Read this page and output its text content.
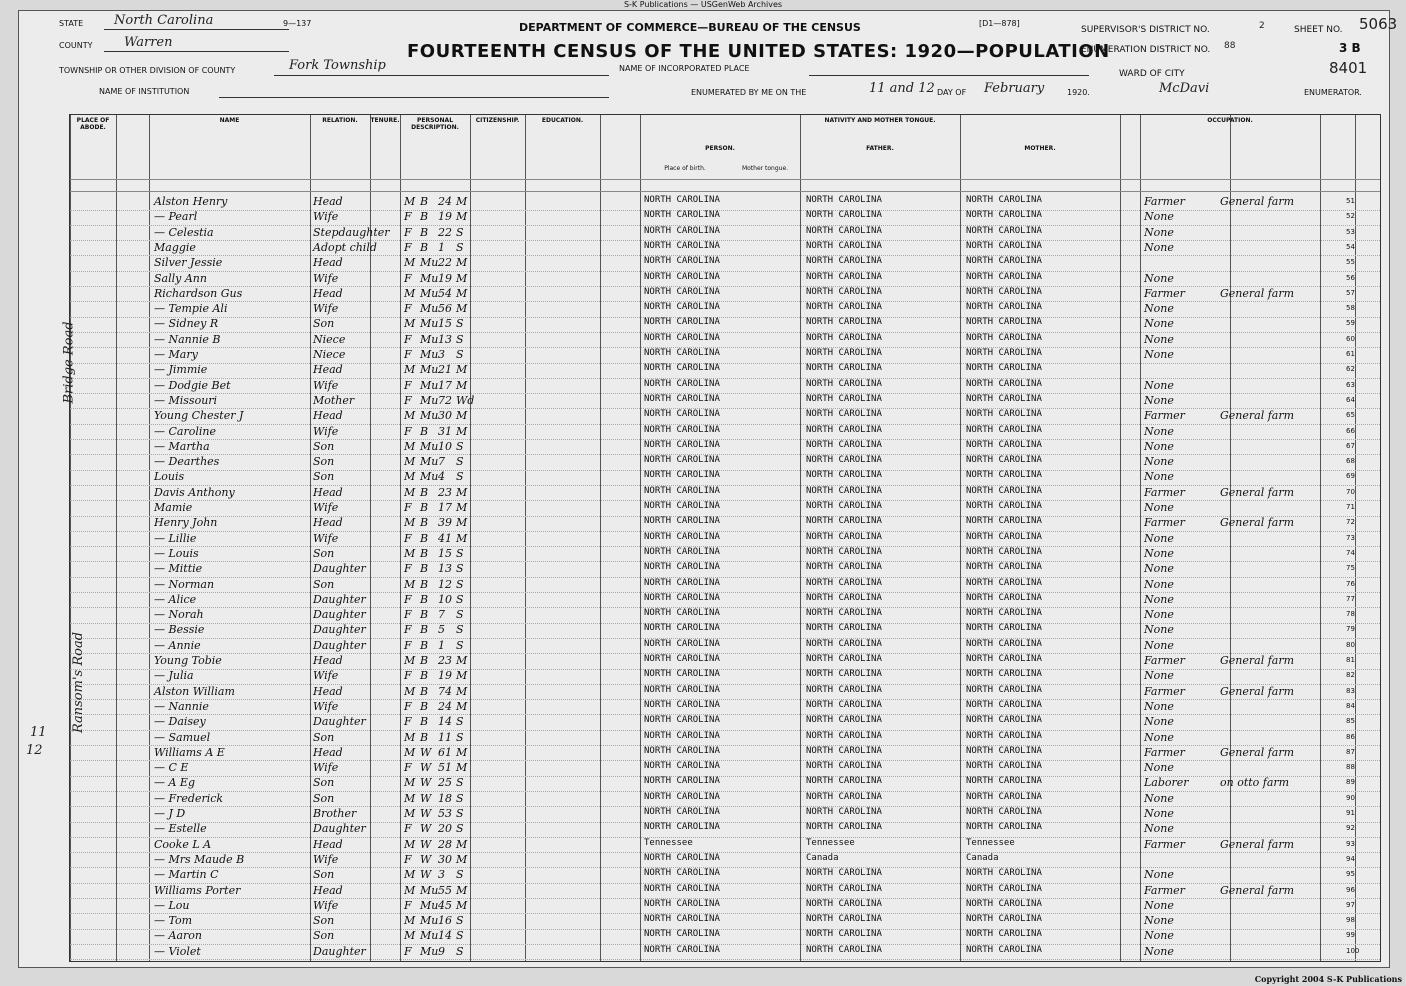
S-K Publications — USGenWeb Archives
STATE North Carolina
COUNTY Warren
9—137	DEPARTMENT OF COMMERCE—BUREAU OF THE CENSUS	[D1—878]
FOURTEENTH CENSUS OF THE UNITED STATES: 1920—POPULATION
TOWNSHIP OR OTHER DIVISION OF COUNTY	Fork Township	NAME OF INCORPORATED PLACE
NAME OF INSTITUTION	ENUMERATED BY ME ON THE	11 and 12 DAY OF February	1920.	McDavi	ENUMERATOR.
SUPERVISOR'S DISTRICT NO.	2
ENUMERATION DISTRICT NO. 88
SHEET NO.
3 B
5063
8401
WARD OF CITY
PLACE OF ABODE.
NAME	RELATION.	TENURE.	PERSONAL DESCRIPTION.
CITIZENSHIP.	EDUCATION.	NATIVITY AND MOTHER TONGUE.
PERSON.	FATHER.	MOTHER.
Place of birth.	Mother tongue.
OCCUPATION.
51
Alston Henry	Head	M B 24 M	NORTH CAROLINA	NORTH CAROLINA	NORTH CAROLINA	Farmer	General farm
52
— Pearl	Wife	F B 19 M	NORTH CAROLINA	NORTH CAROLINA	NORTH CAROLINA	None
53
— Celestia	Stepdaughter F B 22 S	NORTH CAROLINA	NORTH CAROLINA	NORTH CAROLINA	None
54
Maggie	Adopt child F B 1 S	NORTH CAROLINA	NORTH CAROLINA	NORTH CAROLINA	None
55
Silver Jessie	Head	M Mu 22 M	NORTH CAROLINA	NORTH CAROLINA	NORTH CAROLINA
56
Sally Ann	Wife	F Mu 19 M	NORTH CAROLINA	NORTH CAROLINA	NORTH CAROLINA	None
57
Richardson Gus	Head	M Mu 54 M	NORTH CAROLINA	NORTH CAROLINA	NORTH CAROLINA	Farmer	General farm
58
— Tempie Ali	Wife	F Mu 56 M	NORTH CAROLINA	NORTH CAROLINA	NORTH CAROLINA	None
59
— Sidney R	Son	M Mu 15 S	NORTH CAROLINA	NORTH CAROLINA	NORTH CAROLINA	None
60
— Nannie B	Niece	F Mu 13 S	NORTH CAROLINA	NORTH CAROLINA	NORTH CAROLINA	None
61
— Mary	Niece	F Mu 3 S	NORTH CAROLINA	NORTH CAROLINA	NORTH CAROLINA	None
62
— Jimmie	Head	M Mu 21 M	NORTH CAROLINA	NORTH CAROLINA	NORTH CAROLINA
63
— Dodgie Bet	Wife	F Mu 17 M	NORTH CAROLINA	NORTH CAROLINA	NORTH CAROLINA	None
64
— Missouri	Mother	F Mu 72 Wd	NORTH CAROLINA	NORTH CAROLINA	NORTH CAROLINA	None
65
Young Chester J	Head	M Mu 30 M	NORTH CAROLINA	NORTH CAROLINA	NORTH CAROLINA	Farmer	General farm
66
— Caroline	Wife	F B 31 M	NORTH CAROLINA	NORTH CAROLINA	NORTH CAROLINA	None
67
— Martha	Son	M Mu 10 S	NORTH CAROLINA	NORTH CAROLINA	NORTH CAROLINA	None
68
— Dearthes	Son	M Mu 7 S	NORTH CAROLINA	NORTH CAROLINA	NORTH CAROLINA	None
69
Louis	Son	M Mu 4 S	NORTH CAROLINA	NORTH CAROLINA	NORTH CAROLINA	None
70
Davis Anthony	Head	M B 23 M	NORTH CAROLINA	NORTH CAROLINA	NORTH CAROLINA	Farmer	General farm
71
Mamie	Wife	F B 17 M	NORTH CAROLINA	NORTH CAROLINA	NORTH CAROLINA	None
72
Henry John	Head	M B 39 M	NORTH CAROLINA	NORTH CAROLINA	NORTH CAROLINA	Farmer	General farm
73
— Lillie	Wife	F B 41 M	NORTH CAROLINA	NORTH CAROLINA	NORTH CAROLINA	None
74
— Louis	Son	M B 15 S	NORTH CAROLINA	NORTH CAROLINA	NORTH CAROLINA	None
75
— Mittie	Daughter	F B 13 S	NORTH CAROLINA	NORTH CAROLINA	NORTH CAROLINA	None
76
— Norman	Son	M B 12 S	NORTH CAROLINA	NORTH CAROLINA	NORTH CAROLINA	None
77
— Alice	Daughter	F B 10 S	NORTH CAROLINA	NORTH CAROLINA	NORTH CAROLINA	None
78
— Norah	Daughter	F B 7 S	NORTH CAROLINA	NORTH CAROLINA	NORTH CAROLINA	None
79
— Bessie	Daughter	F B 5 S	NORTH CAROLINA	NORTH CAROLINA	NORTH CAROLINA	None
80
— Annie	Daughter	F B 1 S	NORTH CAROLINA	NORTH CAROLINA	NORTH CAROLINA	None
81
Young Tobie	Head	M B 23 M	NORTH CAROLINA	NORTH CAROLINA	NORTH CAROLINA	Farmer	General farm
82
— Julia	Wife	F B 19 M	NORTH CAROLINA	NORTH CAROLINA	NORTH CAROLINA	None
83
Alston William	Head	M B 74 M	NORTH CAROLINA	NORTH CAROLINA	NORTH CAROLINA	Farmer	General farm
84
— Nannie	Wife	F B 24 M	NORTH CAROLINA	NORTH CAROLINA	NORTH CAROLINA	None
85
— Daisey	Daughter	F B 14 S	NORTH CAROLINA	NORTH CAROLINA	NORTH CAROLINA	None
86
— Samuel	Son	M B 11 S	NORTH CAROLINA	NORTH CAROLINA	NORTH CAROLINA	None
87
Williams A E	Head	M W 61 M	NORTH CAROLINA	NORTH CAROLINA	NORTH CAROLINA	Farmer	General farm
88
— C E	Wife	F W 51 M	NORTH CAROLINA	NORTH CAROLINA	NORTH CAROLINA	None
89
— A Eg	Son	M W 25 S	NORTH CAROLINA	NORTH CAROLINA	NORTH CAROLINA	Laborer	on otto farm
90
— Frederick	Son	M W 18 S	NORTH CAROLINA	NORTH CAROLINA	NORTH CAROLINA	None
91
— J D	Brother	M W 53 S	NORTH CAROLINA	NORTH CAROLINA	NORTH CAROLINA	None
92
— Estelle	Daughter	F W 20 S	NORTH CAROLINA	NORTH CAROLINA	NORTH CAROLINA	None
93
Cooke L A	Head	M W 28 M	Tennessee	Tennessee	Tennessee	Farmer	General farm
94
— Mrs Maude B	Wife	F W 30 M	NORTH CAROLINA	Canada	Canada
95
— Martin C	Son	M W 3 S	NORTH CAROLINA	NORTH CAROLINA	NORTH CAROLINA	None
96
Williams Porter	Head	M Mu 55 M	NORTH CAROLINA	NORTH CAROLINA	NORTH CAROLINA	Farmer	General farm
97
— Lou	Wife	F Mu 45 M	NORTH CAROLINA	NORTH CAROLINA	NORTH CAROLINA	None
98
— Tom	Son	M Mu 16 S	NORTH CAROLINA	NORTH CAROLINA	NORTH CAROLINA	None
99
— Aaron	Son	M Mu 14 S	NORTH CAROLINA	NORTH CAROLINA	NORTH CAROLINA	None
100
— Violet	Daughter	F Mu 9 S	NORTH CAROLINA	NORTH CAROLINA	NORTH CAROLINA	None
Bridge Road
Ransom's Road
11
12
Copyright 2004 S-K Publications
